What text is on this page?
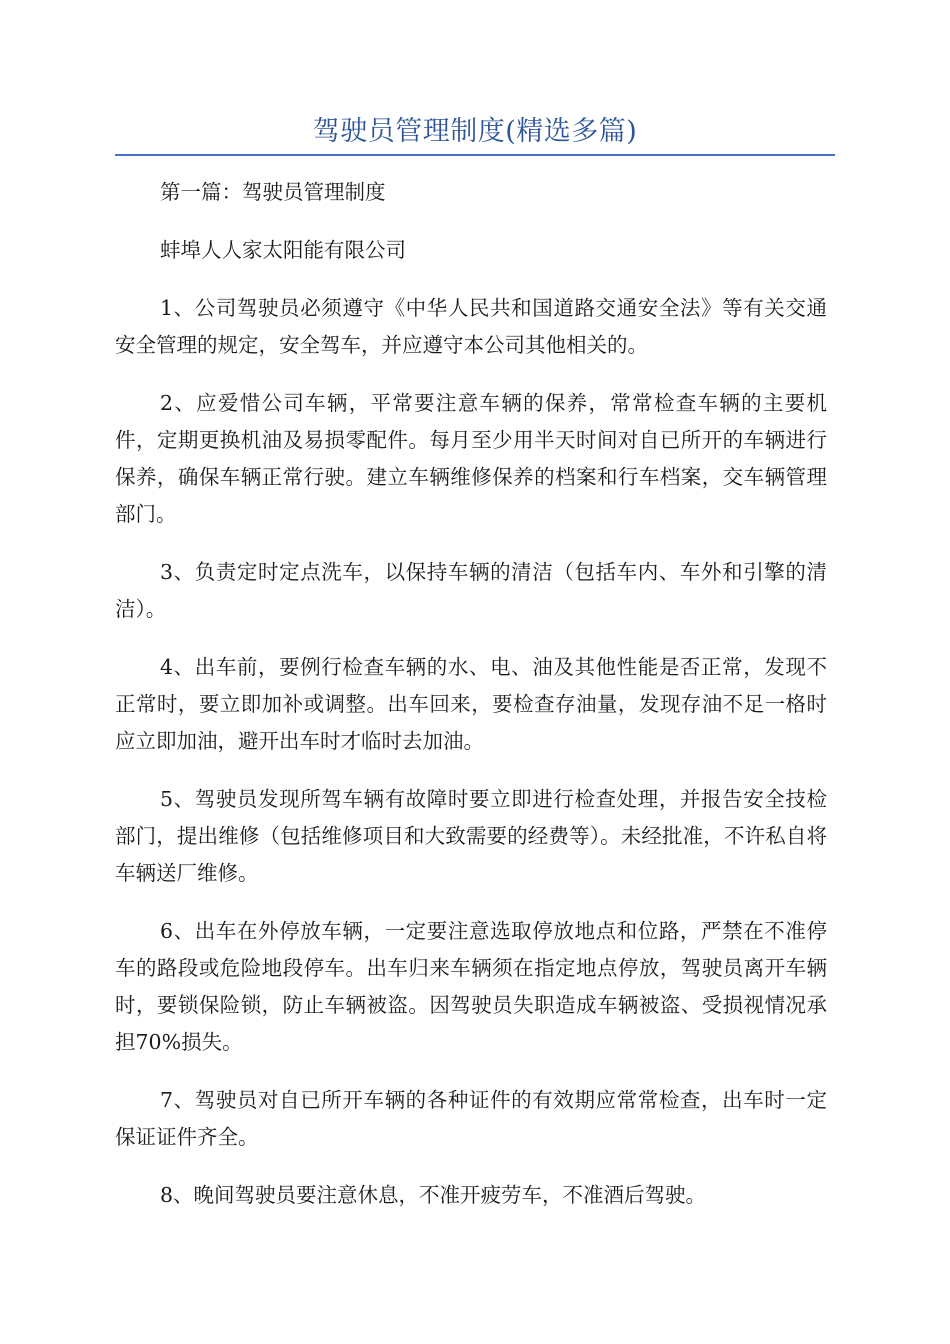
驾驶员管理制度(精选多篇)

第一篇：驾驶员管理制度

蚌埠人人家太阳能有限公司

1、公司驾驶员必须遵守《中华人民共和国道路交通安全法》等有关交通安全管理的规定，安全驾车，并应遵守本公司其他相关的。

2、应爱惜公司车辆，平常要注意车辆的保养，常常检查车辆的主要机件，定期更换机油及易损零配件。每月至少用半天时间对自已所开的车辆进行保养，确保车辆正常行驶。建立车辆维修保养的档案和行车档案，交车辆管理部门。

3、负责定时定点洗车，以保持车辆的清洁（包括车内、车外和引擎的清洁）。

4、出车前，要例行检查车辆的水、电、油及其他性能是否正常，发现不正常时，要立即加补或调整。出车回来，要检查存油量，发现存油不足一格时应立即加油，避开出车时才临时去加油。

5、驾驶员发现所驾车辆有故障时要立即进行检查处理，并报告安全技检部门，提出维修（包括维修项目和大致需要的经费等）。未经批准，不许私自将车辆送厂维修。

6、出车在外停放车辆，一定要注意选取停放地点和位路，严禁在不准停车的路段或危险地段停车。出车归来车辆须在指定地点停放，驾驶员离开车辆时，要锁保险锁，防止车辆被盗。因驾驶员失职造成车辆被盗、受损视情况承担70%损失。

7、驾驶员对自已所开车辆的各种证件的有效期应常常检查，出车时一定保证证件齐全。

8、晚间驾驶员要注意休息，不准开疲劳车，不准酒后驾驶。
